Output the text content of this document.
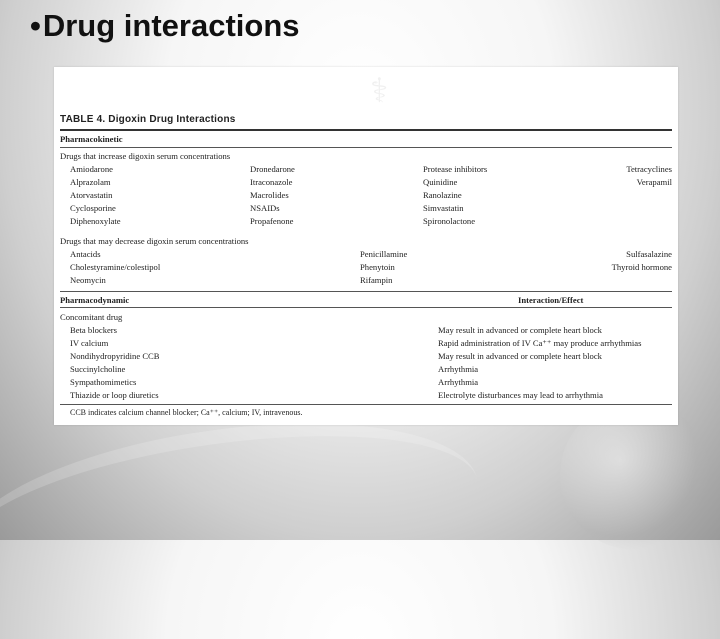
•Drug interactions
⚕
TABLE 4. Digoxin Drug Interactions
Pharmacokinetic
Drugs that increase digoxin serum concentrations
Amiodarone
Alprazolam
Atorvastatin
Cyclosporine
Diphenoxylate
Dronedarone
Itraconazole
Macrolides
NSAIDs
Propafenone
Protease inhibitors
Quinidine
Ranolazine
Simvastatin
Spironolactone
Tetracyclines
Verapamil
Drugs that may decrease digoxin serum concentrations
Antacids
Cholestyramine/colestipol
Neomycin
Penicillamine
Phenytoin
Rifampin
Sulfasalazine
Thyroid hormone
Pharmacodynamic	Interaction/Effect
Concomitant drug
Beta blockers
IV calcium
Nondihydropyridine CCB
Succinylcholine
Sympathomimetics
Thiazide or loop diuretics
May result in advanced or complete heart block
Rapid administration of IV Ca⁺⁺ may produce arrhythmias
May result in advanced or complete heart block
Arrhythmia
Arrhythmia
Electrolyte disturbances may lead to arrhythmia
CCB indicates calcium channel blocker; Ca⁺⁺, calcium; IV, intravenous.
